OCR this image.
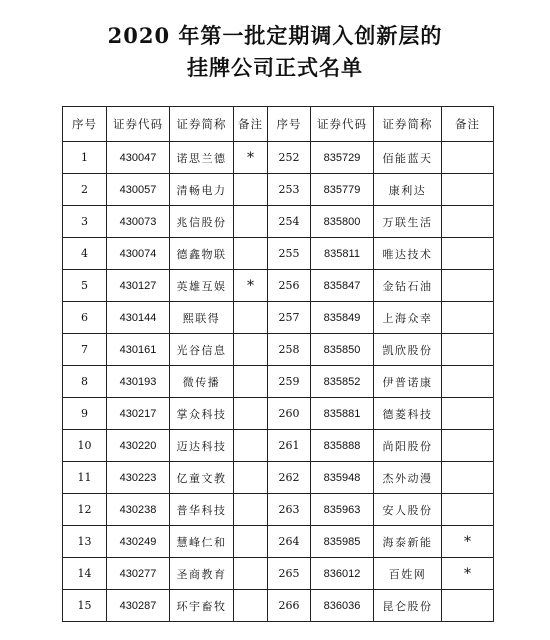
2020 年第一批定期调入创新层的
挂牌公司正式名单
序号	证券代码	证券简称	备注	序号	证券代码	证券简称	备注
1	430047	诺思兰德	*	252	835729	佰能蓝天	
2	430057	清畅电力		253	835779	康利达	
3	430073	兆信股份		254	835800	万联生活	
4	430074	德鑫物联		255	835811	唯达技术	
5	430127	英雄互娱	*	256	835847	金钻石油	
6	430144	熙联得		257	835849	上海众幸	
7	430161	光谷信息		258	835850	凯欣股份	
8	430193	微传播		259	835852	伊普诺康	
9	430217	掌众科技		260	835881	德菱科技	
10	430220	迈达科技		261	835888	尚阳股份	
11	430223	亿童文教		262	835948	杰外动漫	
12	430238	普华科技		263	835963	安人股份	
13	430249	慧峰仁和		264	835985	海泰新能	*
14	430277	圣商教育		265	836012	百姓网	*
15	430287	环宇畜牧		266	836036	昆仑股份	
